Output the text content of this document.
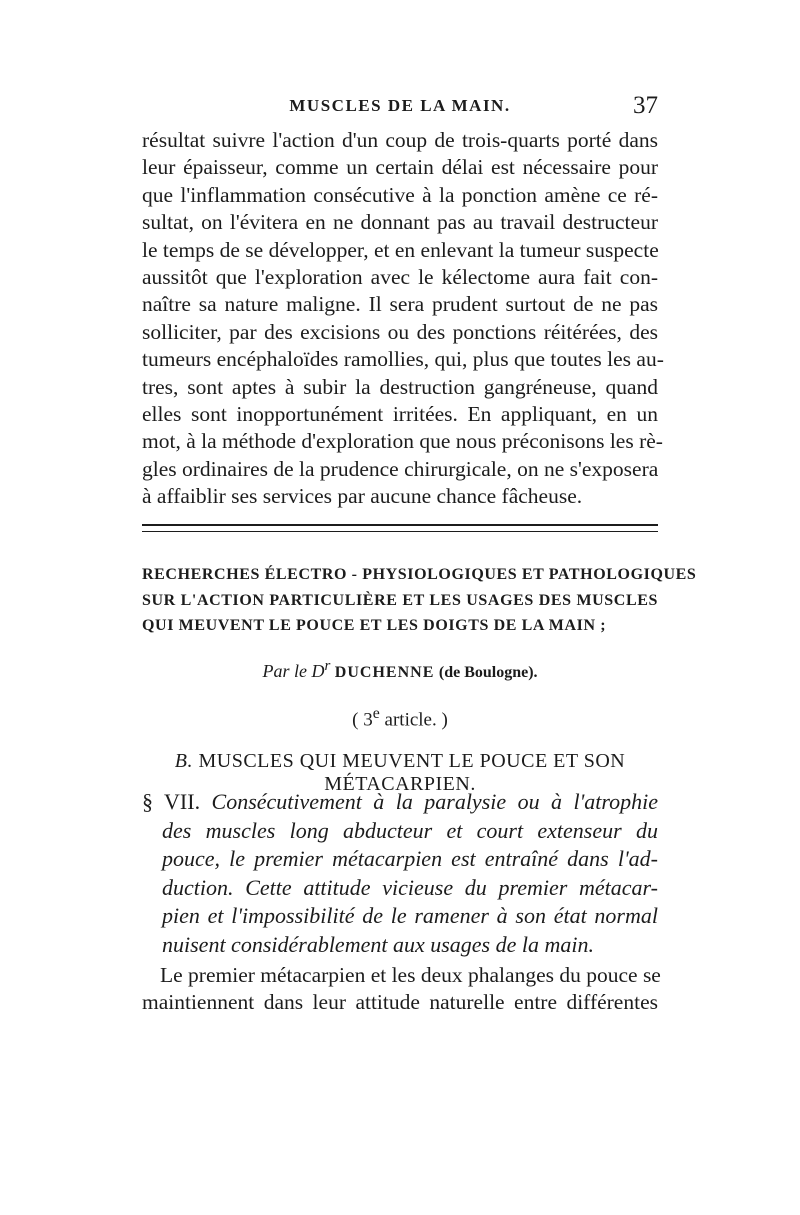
MUSCLES DE LA MAIN.	37
résultat suivre l'action d'un coup de trois-quarts porté dans
leur épaisseur, comme un certain délai est nécessaire pour
que l'inflammation consécutive à la ponction amène ce ré-
sultat, on l'évitera en ne donnant pas au travail destructeur
le temps de se développer, et en enlevant la tumeur suspecte
aussitôt que l'exploration avec le kélectome aura fait con-
naître sa nature maligne. Il sera prudent surtout de ne pas
solliciter, par des excisions ou des ponctions réitérées, des
tumeurs encéphaloïdes ramollies, qui, plus que toutes les au-
tres, sont aptes à subir la destruction gangréneuse, quand
elles sont inopportunément irritées. En appliquant, en un
mot, à la méthode d'exploration que nous préconisons les rè-
gles ordinaires de la prudence chirurgicale, on ne s'exposera
à affaiblir ses services par aucune chance fâcheuse.
RECHERCHES ÉLECTRO - PHYSIOLOGIQUES ET PATHOLOGIQUES
SUR L'ACTION PARTICULIÈRE ET LES USAGES DES MUSCLES
QUI MEUVENT LE POUCE ET LES DOIGTS DE LA MAIN ;
Par le $D^r$ DUCHENNE (de Boulogne).
( 3e article. )
B. MUSCLES QUI MEUVENT LE POUCE ET SON MÉTACARPIEN.
§ VII. Consécutivement à la paralysie ou à l'atrophie
des muscles long abducteur et court extenseur du
pouce, le premier métacarpien est entraîné dans l'ad-
duction. Cette attitude vicieuse du premier métacar-
pien et l'impossibilité de le ramener à son état normal
nuisent considérablement aux usages de la main.
Le premier métacarpien et les deux phalanges du pouce se
maintiennent dans leur attitude naturelle entre différentes
